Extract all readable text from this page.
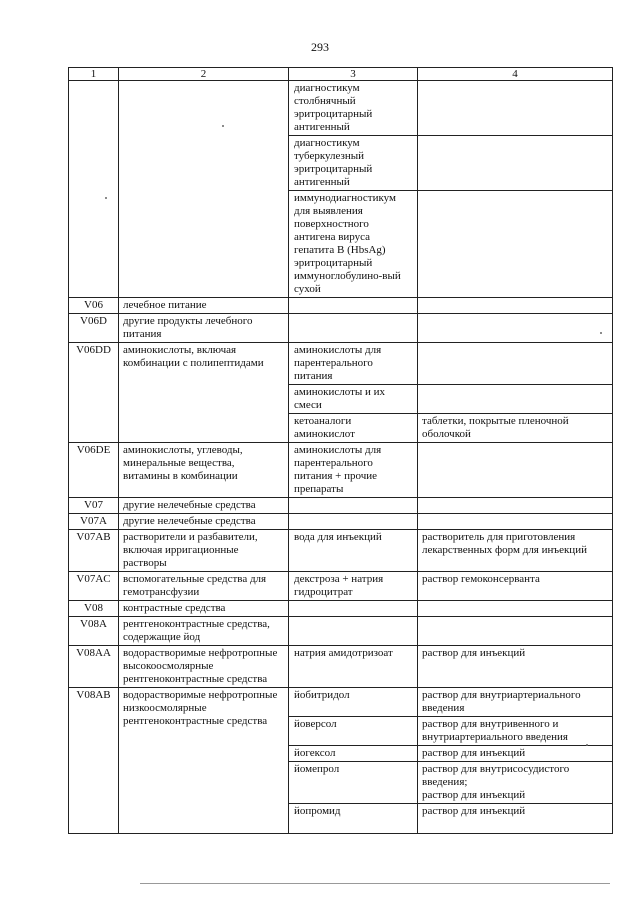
293
1	2	3	4
		диагностикум столбнячный эритроцитарный антигенный	
		диагностикум туберкулезный эритроцитарный антигенный	
		иммунодиагностикум для выявления поверхностного антигена вируса гепатита В (HbsAg) эритроцитарный иммуноглобулино-вый сухой	
V06	лечебное питание		
V06D	другие продукты лечебного питания		
V06DD	аминокислоты, включая комбинации с полипептидами	аминокислоты для парентерального питания	
		аминокислоты и их смеси	
		кетоаналоги аминокислот	таблетки, покрытые пленочной оболочкой
V06DE	аминокислоты, углеводы, минеральные вещества, витамины в комбинации	аминокислоты для парентерального питания + прочие препараты	
V07	другие нелечебные средства		
V07A	другие нелечебные средства		
V07AB	растворители и разбавители, включая ирригационные растворы	вода для инъекций	растворитель для приготовления лекарственных форм для инъекций
V07AC	вспомогательные средства для гемотрансфузии	декстроза + натрия гидроцитрат	раствор гемоконсерванта
V08	контрастные средства		
V08A	рентгеноконтрастные средства, содержащие йод		
V08AA	водорастворимые нефротропные высокоосмолярные рентгеноконтрастные средства	натрия амидотризоат	раствор для инъекций
V08AB	водорастворимые нефротропные низкоосмолярные рентгеноконтрастные средства	йобитридол	раствор для внутриартериального введения
		йоверсол	раствор для внутривенного и внутриартериального введения
		йогексол	раствор для инъекций
		йомепрол	раствор для внутрисосудистого введения;
раствор для инъекций

		йопромид	раствор для инъекций
